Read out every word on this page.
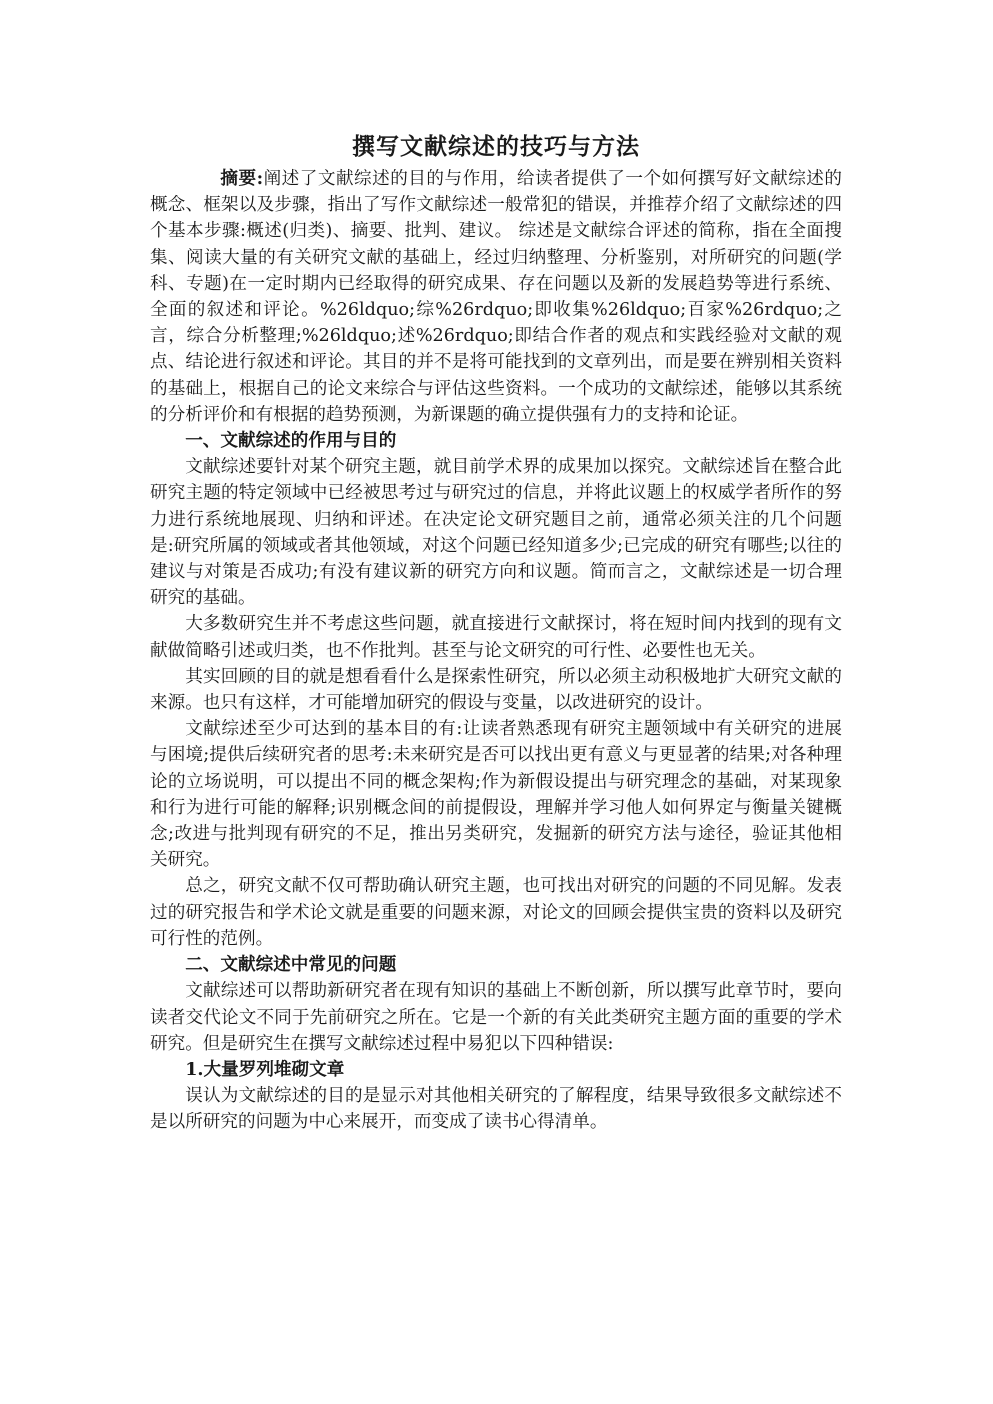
撰写文献综述的技巧与方法

摘要:阐述了文献综述的目的与作用，给读者提供了一个如何撰写好文献综述的概念、框架以及步骤，指出了写作文献综述一般常犯的错误，并推荐介绍了文献综述的四个基本步骤:概述(归类)、摘要、批判、建议。 综述是文献综合评述的简称，指在全面搜集、阅读大量的有关研究文献的基础上，经过归纳整理、分析鉴别，对所研究的问题(学科、专题)在一定时期内已经取得的研究成果、存在问题以及新的发展趋势等进行系统、全面的叙述和评论。%26ldquo;综%26rdquo;即收集%26ldquo;百家%26rdquo;之言，综合分析整理;%26ldquo;述%26rdquo;即结合作者的观点和实践经验对文献的观点、结论进行叙述和评论。其目的并不是将可能找到的文章列出，而是要在辨别相关资料的基础上，根据自己的论文来综合与评估这些资料。一个成功的文献综述，能够以其系统的分析评价和有根据的趋势预测，为新课题的确立提供强有力的支持和论证。

一、文献综述的作用与目的

文献综述要针对某个研究主题，就目前学术界的成果加以探究。文献综述旨在整合此研究主题的特定领域中已经被思考过与研究过的信息，并将此议题上的权威学者所作的努力进行系统地展现、归纳和评述。在决定论文研究题目之前，通常必须关注的几个问题是:研究所属的领域或者其他领域，对这个问题已经知道多少;已完成的研究有哪些;以往的建议与对策是否成功;有没有建议新的研究方向和议题。简而言之，文献综述是一切合理研究的基础。

大多数研究生并不考虑这些问题，就直接进行文献探讨，将在短时间内找到的现有文献做简略引述或归类，也不作批判。甚至与论文研究的可行性、必要性也无关。

其实回顾的目的就是想看看什么是探索性研究，所以必须主动积极地扩大研究文献的来源。也只有这样，才可能增加研究的假设与变量，以改进研究的设计。

文献综述至少可达到的基本目的有:让读者熟悉现有研究主题领域中有关研究的进展与困境;提供后续研究者的思考:未来研究是否可以找出更有意义与更显著的结果;对各种理论的立场说明，可以提出不同的概念架构;作为新假设提出与研究理念的基础，对某现象和行为进行可能的解释;识别概念间的前提假设，理解并学习他人如何界定与衡量关键概念;改进与批判现有研究的不足，推出另类研究，发掘新的研究方法与途径，验证其他相关研究。

总之，研究文献不仅可帮助确认研究主题，也可找出对研究的问题的不同见解。发表过的研究报告和学术论文就是重要的问题来源，对论文的回顾会提供宝贵的资料以及研究可行性的范例。

二、文献综述中常见的问题

文献综述可以帮助新研究者在现有知识的基础上不断创新，所以撰写此章节时，要向读者交代论文不同于先前研究之所在。它是一个新的有关此类研究主题方面的重要的学术研究。但是研究生在撰写文献综述过程中易犯以下四种错误:

1.大量罗列堆砌文章

误认为文献综述的目的是显示对其他相关研究的了解程度，结果导致很多文献综述不是以所研究的问题为中心来展开，而变成了读书心得清单。
